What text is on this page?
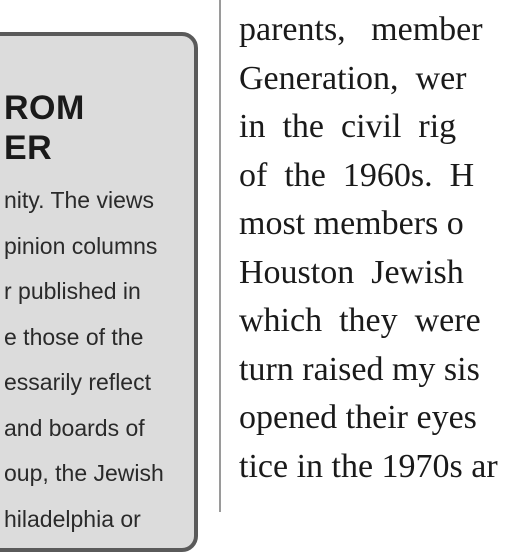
ROM
ER

nity. The views
pinion columns
r published in
e those of the
essarily reflect
and boards of
oup, the Jewish
hiladelphia or

parents,   member
Generation,  wer
in  the  civil  rig
of  the  1960s.  H
most members o
Houston  Jewish
which  they  were
turn raised my sis
opened their eyes
tice in the 1970s ar
